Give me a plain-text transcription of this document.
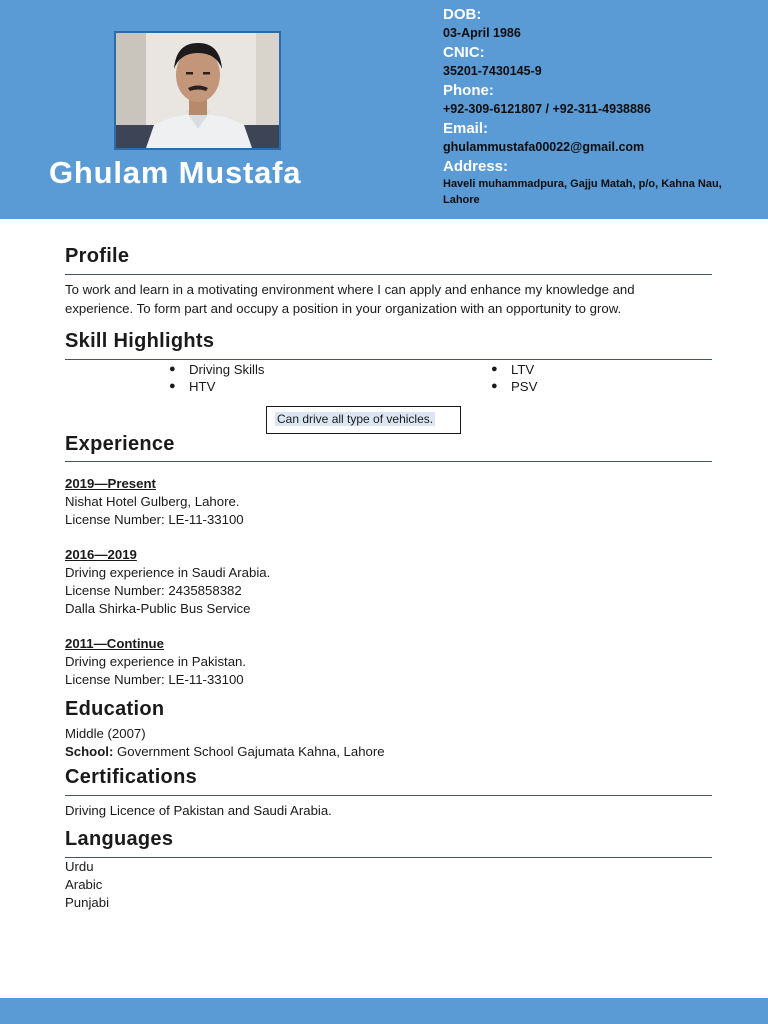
Ghulam Mustafa
DOB:
03-April 1986
CNIC:
35201-7430145-9
Phone:
+92-309-6121807 / +92-311-4938886
Email:
ghulammustafa00022@gmail.com
Address:
Haveli muhammadpura, Gajju Matah, p/o, Kahna Nau,
Lahore
Profile
To work and learn in a motivating environment where I can apply and enhance my knowledge and
experience. To form part and occupy a position in your organization with an opportunity to grow.
Skill Highlights
● Driving Skills
● HTV
● LTV
● PSV
Can drive all type of vehicles.
Experience
2019—Present
Nishat Hotel Gulberg, Lahore.
License Number: LE-11-33100
2016—2019
Driving experience in Saudi Arabia.
License Number: 2435858382
Dalla Shirka-Public Bus Service
2011—Continue
Driving experience in Pakistan.
License Number: LE-11-33100
Education
Middle (2007)
School: Government School Gajumata Kahna, Lahore
Certifications
Driving Licence of Pakistan and Saudi Arabia.
Languages
Urdu
Arabic
Punjabi
